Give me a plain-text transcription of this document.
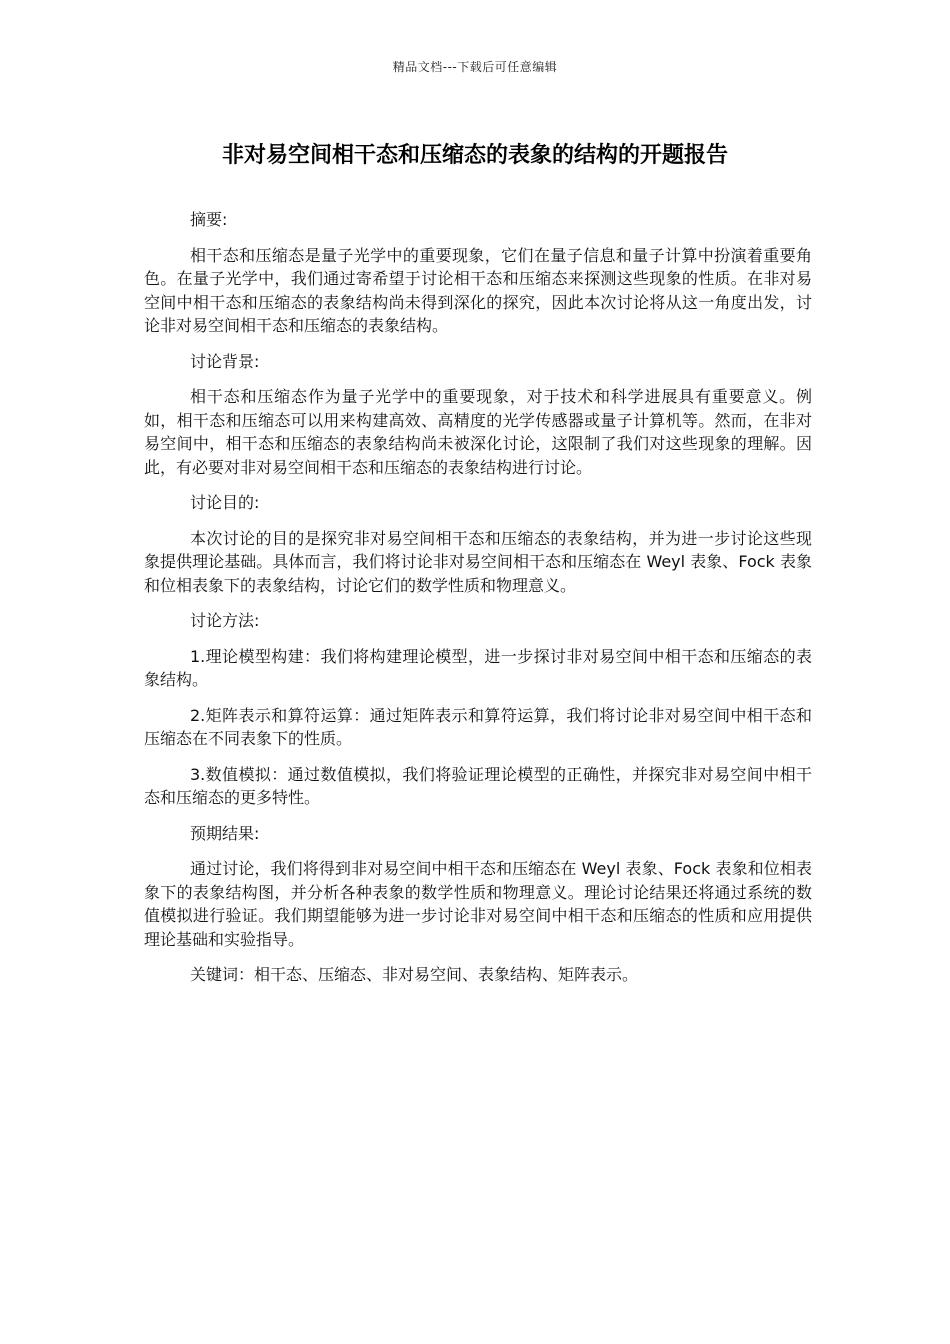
精品文档---下载后可任意编辑
非对易空间相干态和压缩态的表象的结构的开题报告

摘要:

相干态和压缩态是量子光学中的重要现象，它们在量子信息和量子计算中扮演着重要角色。在量子光学中，我们通过寄希望于讨论相干态和压缩态来探测这些现象的性质。在非对易空间中相干态和压缩态的表象结构尚未得到深化的探究，因此本次讨论将从这一角度出发，讨论非对易空间相干态和压缩态的表象结构。

讨论背景:

相干态和压缩态作为量子光学中的重要现象，对于技术和科学进展具有重要意义。例如，相干态和压缩态可以用来构建高效、高精度的光学传感器或量子计算机等。然而，在非对易空间中，相干态和压缩态的表象结构尚未被深化讨论，这限制了我们对这些现象的理解。因此，有必要对非对易空间相干态和压缩态的表象结构进行讨论。

讨论目的:

本次讨论的目的是探究非对易空间相干态和压缩态的表象结构，并为进一步讨论这些现象提供理论基础。具体而言，我们将讨论非对易空间相干态和压缩态在 Weyl 表象、Fock 表象和位相表象下的表象结构，讨论它们的数学性质和物理意义。

讨论方法:

1.理论模型构建：我们将构建理论模型，进一步探讨非对易空间中相干态和压缩态的表象结构。

2.矩阵表示和算符运算：通过矩阵表示和算符运算，我们将讨论非对易空间中相干态和压缩态在不同表象下的性质。

3.数值模拟：通过数值模拟，我们将验证理论模型的正确性，并探究非对易空间中相干态和压缩态的更多特性。

预期结果:

通过讨论，我们将得到非对易空间中相干态和压缩态在 Weyl 表象、Fock 表象和位相表象下的表象结构图，并分析各种表象的数学性质和物理意义。理论讨论结果还将通过系统的数值模拟进行验证。我们期望能够为进一步讨论非对易空间中相干态和压缩态的性质和应用提供理论基础和实验指导。

关键词：相干态、压缩态、非对易空间、表象结构、矩阵表示。
